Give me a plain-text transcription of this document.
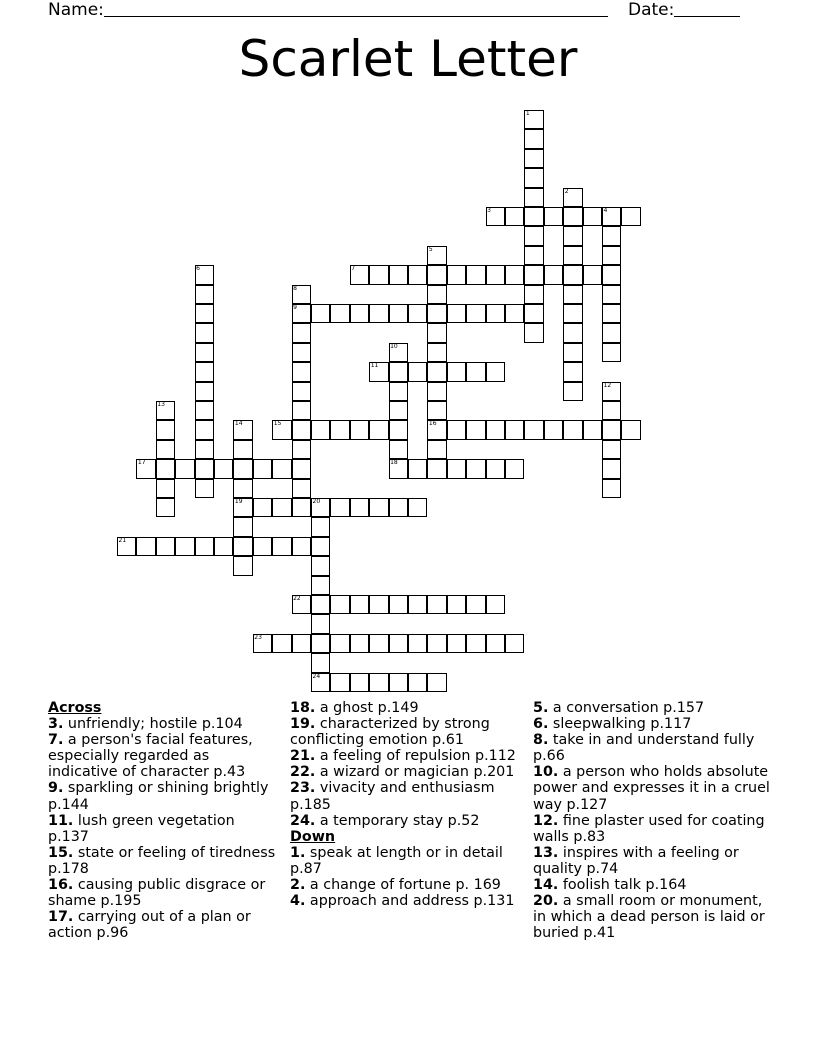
Name:	Date:
Scarlet Letter
1
2
3	4
5
6	7
8
9
10
11
12
13
14	15	16
17	18
19	20
21
22
23
24
Across
3. unfriendly; hostile p.104
7. a person's facial features, especially regarded as indicative of character p.43
9. sparkling or shining brightly p.144
11. lush green vegetation p.137
15. state or feeling of tiredness p.178
16. causing public disgrace or shame p.195
17. carrying out of a plan or action p.96
18. a ghost p.149
19. characterized by strong conflicting emotion p.61
21. a feeling of repulsion p.112
22. a wizard or magician p.201
23. vivacity and enthusiasm p.185
24. a temporary stay p.52
Down
1. speak at length or in detail p.87
2. a change of fortune p. 169
4. approach and address p.131
5. a conversation p.157
6. sleepwalking p.117
8. take in and understand fully p.66
10. a person who holds absolute power and expresses it in a cruel way p.127
12. fine plaster used for coating walls p.83
13. inspires with a feeling or quality p.74
14. foolish talk p.164
20. a small room or monument, in which a dead person is laid or buried p.41
